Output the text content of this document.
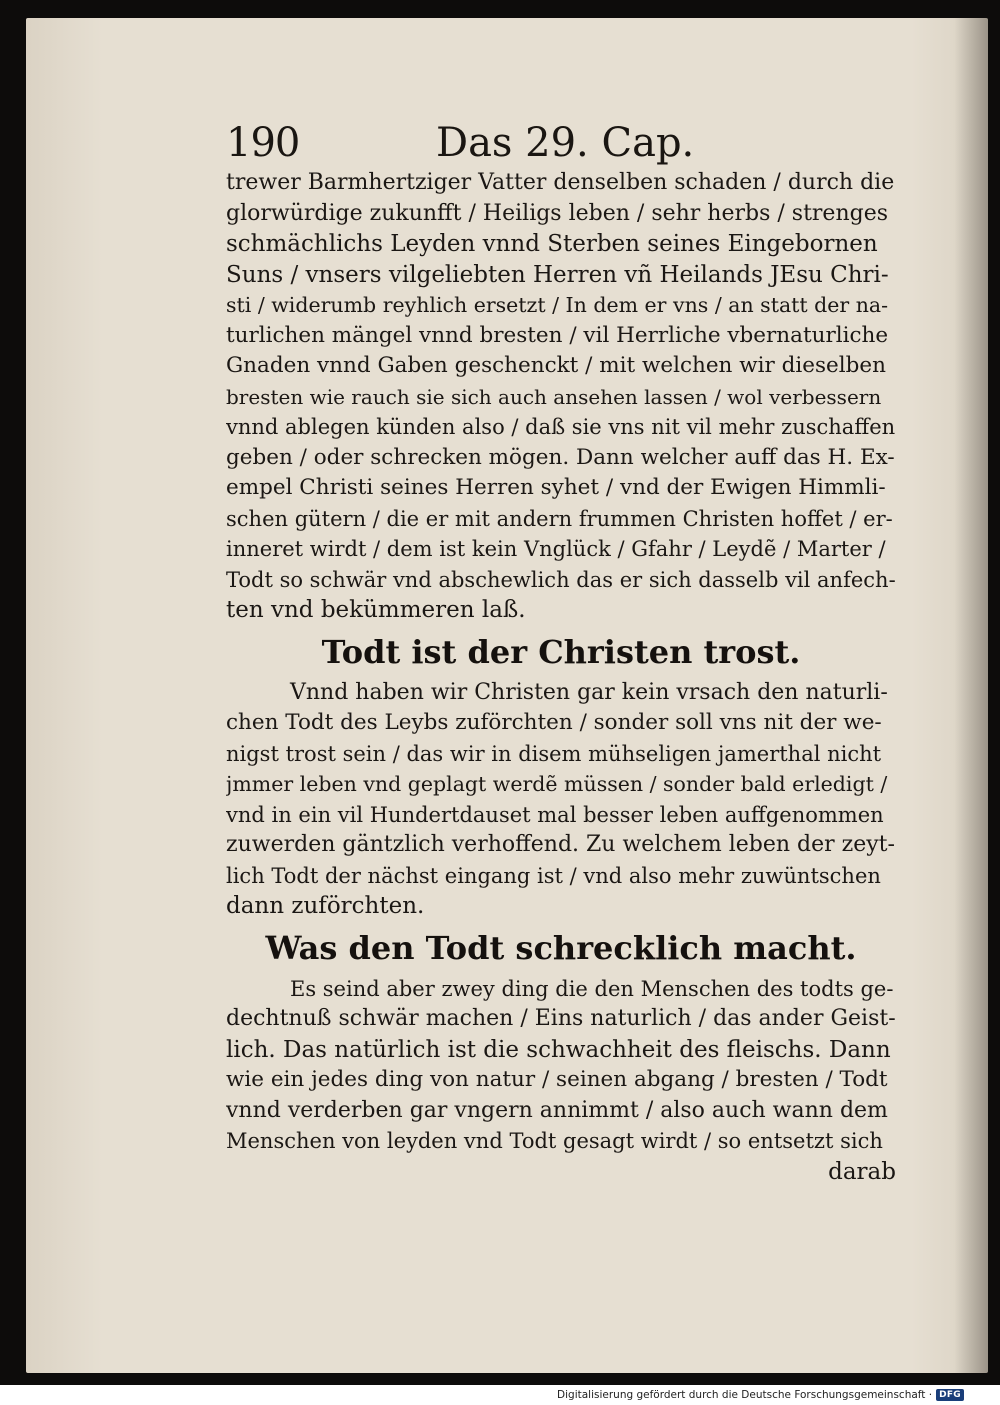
190	Das 29. Cap.
trewer Barmhertziger Vatter denselben schaden / durch die
glorwürdige zukunfft / Heiligs leben / sehr herbs / strenges
schmächlichs Leyden vnnd Sterben seines Eingebornen
Suns / vnsers vilgeliebten Herren vñ Heilands JEsu Chri-
sti / widerumb reyhlich ersetzt / In dem er vns / an statt der na-
turlichen mängel vnnd bresten / vil Herrliche vbernaturliche
Gnaden vnnd Gaben geschenckt / mit welchen wir dieselben
bresten wie rauch sie sich auch ansehen lassen / wol verbessern
vnnd ablegen künden also / daß sie vns nit vil mehr zuschaffen
geben / oder schrecken mögen. Dann welcher auff das H. Ex-
empel Christi seines Herren syhet / vnd der Ewigen Himmli-
schen gütern / die er mit andern frummen Christen hoffet / er-
inneret wirdt / dem ist kein Vnglück / Gfahr / Leydẽ / Marter /
Todt so schwär vnd abschewlich das er sich dasselb vil anfech-
ten vnd bekümmeren laß.
Todt ist der Christen trost.
Vnnd haben wir Christen gar kein vrsach den naturli-
chen Todt des Leybs zuförchten / sonder soll vns nit der we-
nigst trost sein / das wir in disem mühseligen jamerthal nicht
jmmer leben vnd geplagt werdẽ müssen / sonder bald erledigt /
vnd in ein vil Hundertdauset mal besser leben auffgenommen
zuwerden gäntzlich verhoffend. Zu welchem leben der zeyt-
lich Todt der nächst eingang ist / vnd also mehr zuwüntschen
dann zuförchten.
Was den Todt schrecklich macht.
Es seind aber zwey ding die den Menschen des todts ge-
dechtnuß schwär machen / Eins naturlich / das ander Geist-
lich. Das natürlich ist die schwachheit des fleischs. Dann
wie ein jedes ding von natur / seinen abgang / bresten / Todt
vnnd verderben gar vngern annimmt / also auch wann dem
Menschen von leyden vnd Todt gesagt wirdt / so entsetzt sich
darab
Digitalisierung gefördert durch die Deutsche Forschungsgemeinschaft · DFG
